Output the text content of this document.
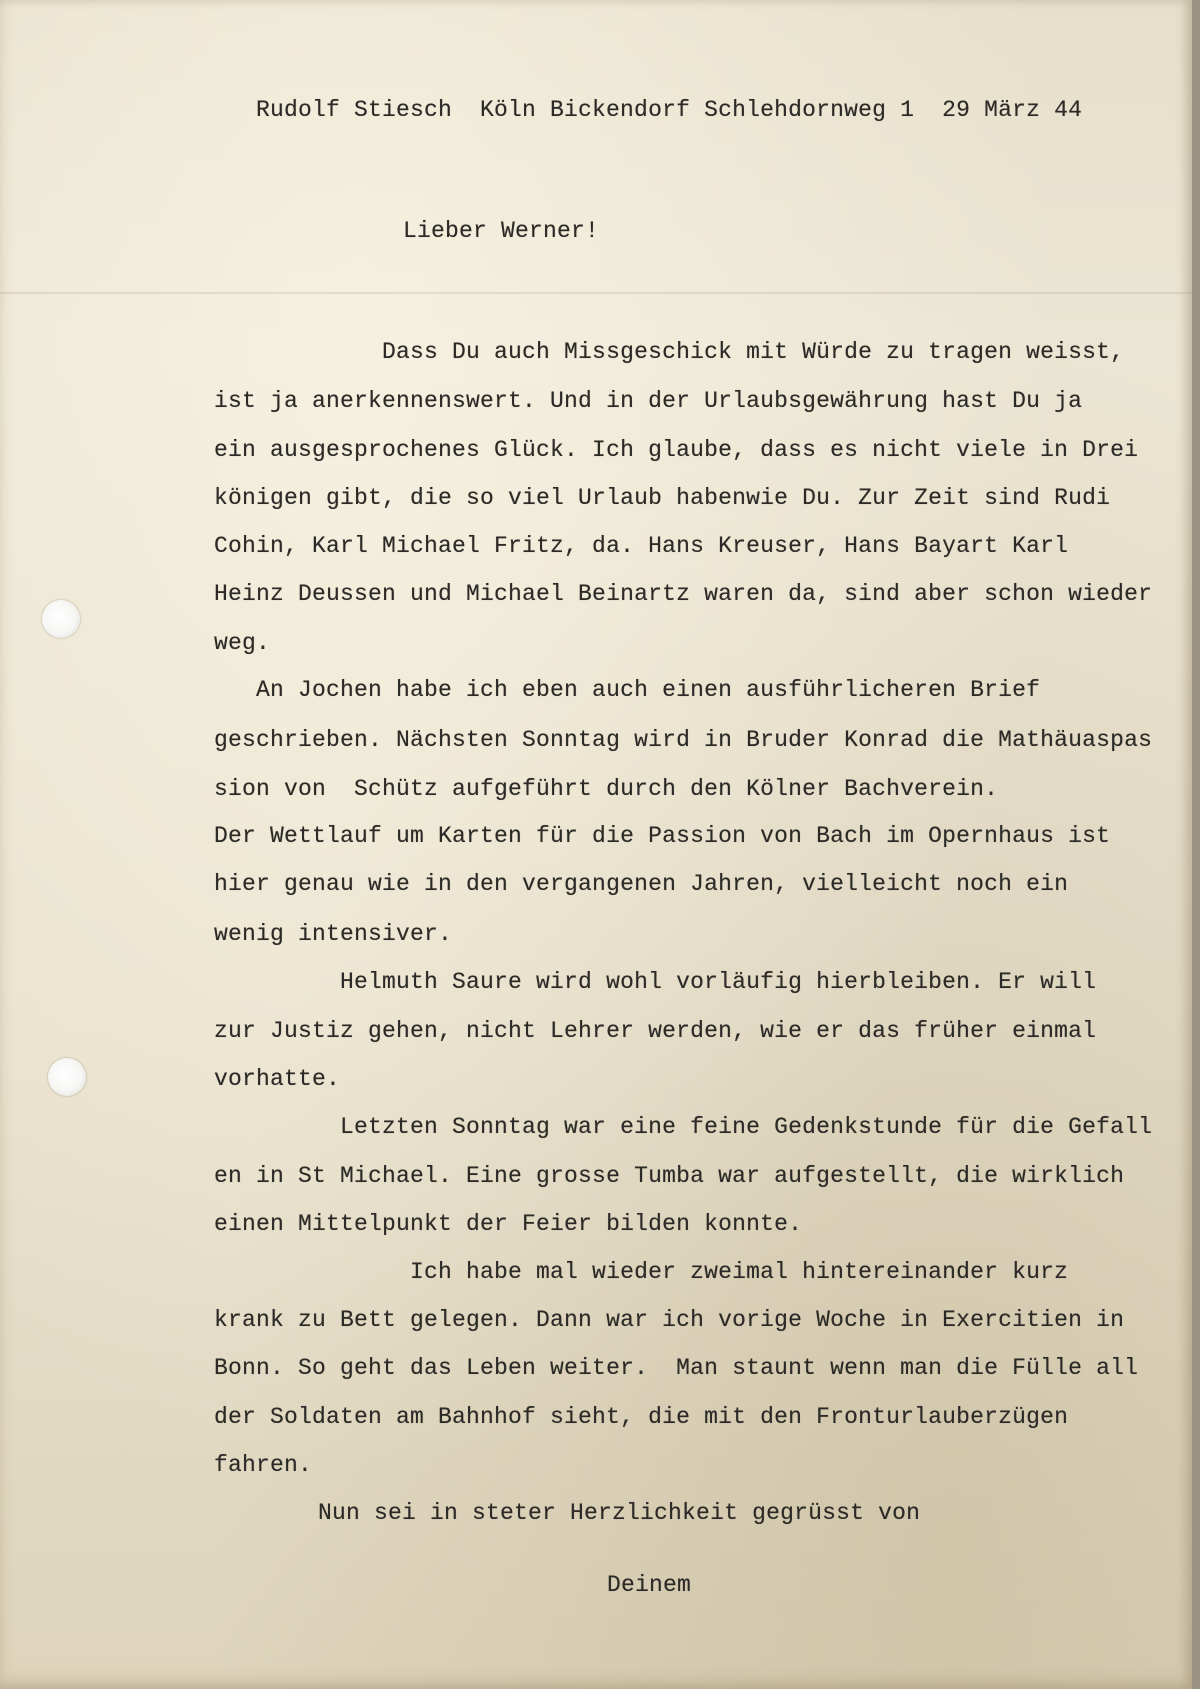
Rudolf Stiesch  Köln Bickendorf Schlehdornweg 1  29 März 44
Lieber Werner!
Dass Du auch Missgeschick mit Würde zu tragen weisst,
ist ja anerkennenswert. Und in der Urlaubsgewährung hast Du ja
ein ausgesprochenes Glück. Ich glaube, dass es nicht viele in Drei
königen gibt, die so viel Urlaub habenwie Du. Zur Zeit sind Rudi
Cohin, Karl Michael Fritz, da. Hans Kreuser, Hans Bayart Karl
Heinz Deussen und Michael Beinartz waren da, sind aber schon wieder
weg.
An Jochen habe ich eben auch einen ausführlicheren Brief
geschrieben. Nächsten Sonntag wird in Bruder Konrad die Mathäuaspas
sion von  Schütz aufgeführt durch den Kölner Bachverein.
Der Wettlauf um Karten für die Passion von Bach im Opernhaus ist
hier genau wie in den vergangenen Jahren, vielleicht noch ein
wenig intensiver.
Helmuth Saure wird wohl vorläufig hierbleiben. Er will
zur Justiz gehen, nicht Lehrer werden, wie er das früher einmal
vorhatte.
Letzten Sonntag war eine feine Gedenkstunde für die Gefall
en in St Michael. Eine grosse Tumba war aufgestellt, die wirklich
einen Mittelpunkt der Feier bilden konnte.
Ich habe mal wieder zweimal hintereinander kurz
krank zu Bett gelegen. Dann war ich vorige Woche in Exercitien in
Bonn. So geht das Leben weiter.  Man staunt wenn man die Fülle all
der Soldaten am Bahnhof sieht, die mit den Fronturlauberzügen
fahren.
Nun sei in steter Herzlichkeit gegrüsst von
Deinem
